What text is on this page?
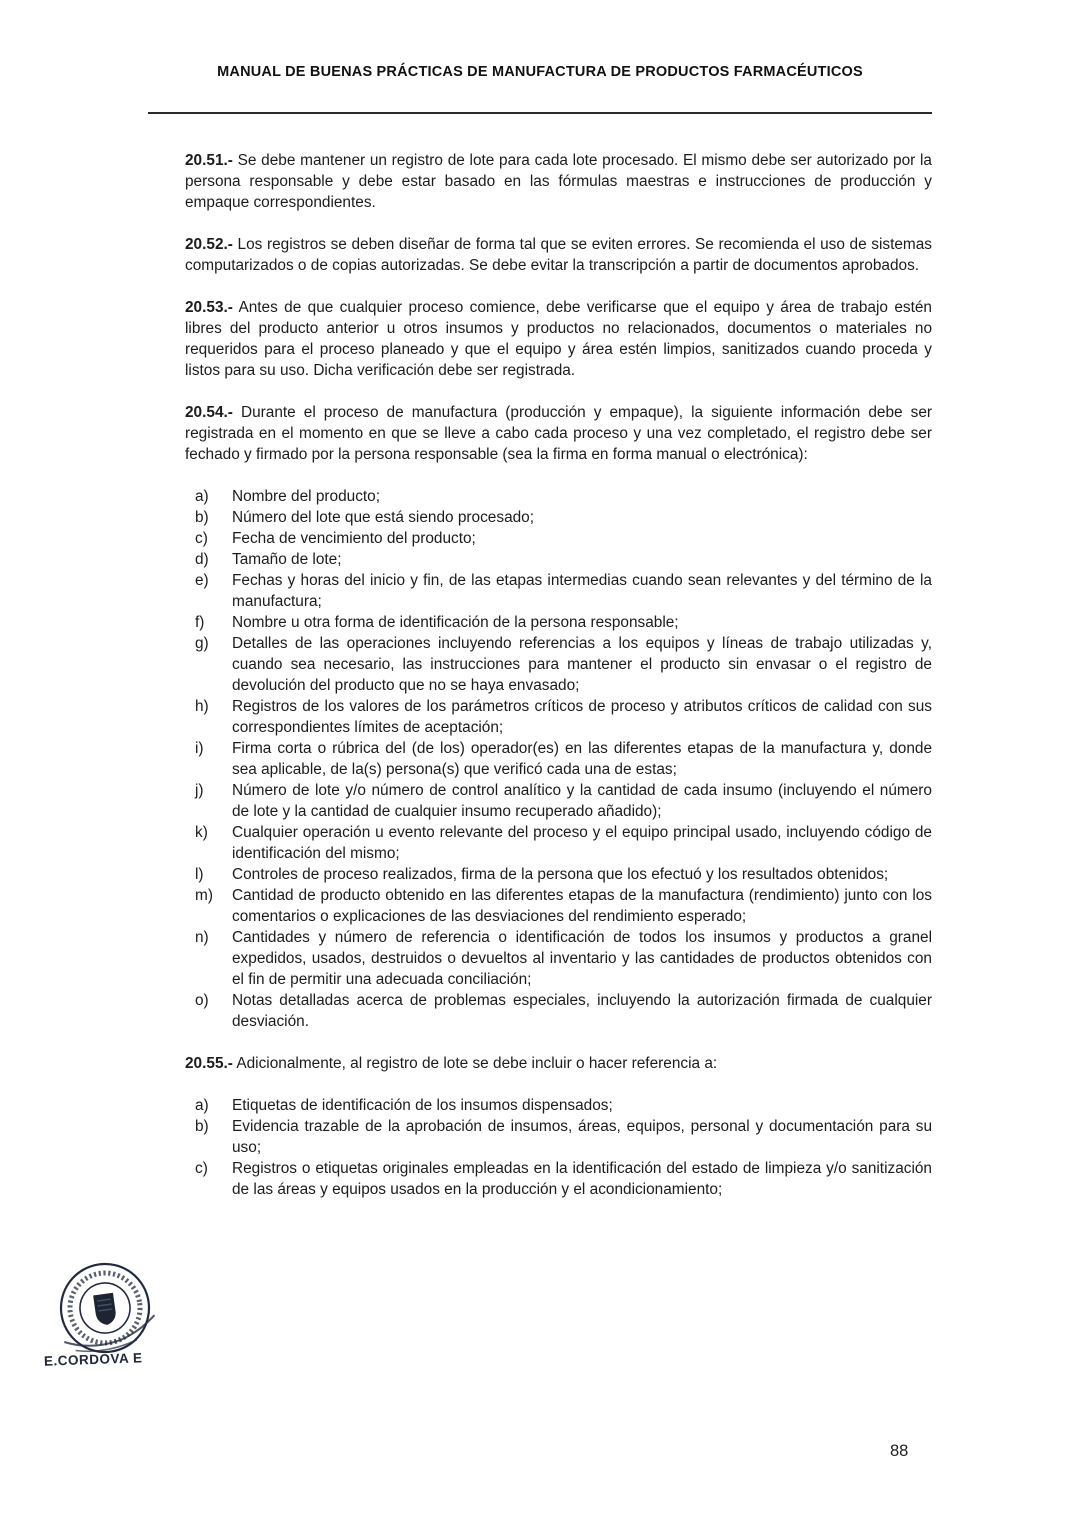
MANUAL DE BUENAS PRÁCTICAS DE MANUFACTURA DE PRODUCTOS FARMACÉUTICOS

20.51.- Se debe mantener un registro de lote para cada lote procesado. El mismo debe ser autorizado por la persona responsable y debe estar basado en las fórmulas maestras e instrucciones de producción y empaque correspondientes.

20.52.- Los registros se deben diseñar de forma tal que se eviten errores. Se recomienda el uso de sistemas computarizados o de copias autorizadas. Se debe evitar la transcripción a partir de documentos aprobados.

20.53.- Antes de que cualquier proceso comience, debe verificarse que el equipo y área de trabajo estén libres del producto anterior u otros insumos y productos no relacionados, documentos o materiales no requeridos para el proceso planeado y que el equipo y área estén limpios, sanitizados cuando proceda y listos para su uso. Dicha verificación debe ser registrada.

20.54.- Durante el proceso de manufactura (producción y empaque), la siguiente información debe ser registrada en el momento en que se lleve a cabo cada proceso y una vez completado, el registro debe ser fechado y firmado por la persona responsable (sea la firma en forma manual o electrónica):

a)	Nombre del producto;
b)	Número del lote que está siendo procesado;
c)	Fecha de vencimiento del producto;
d)	Tamaño de lote;
e)	Fechas y horas del inicio y fin, de las etapas intermedias cuando sean relevantes y del término de la manufactura;
f)	Nombre u otra forma de identificación de la persona responsable;
g)	Detalles de las operaciones incluyendo referencias a los equipos y líneas de trabajo utilizadas y, cuando sea necesario, las instrucciones para mantener el producto sin envasar o el registro de devolución del producto que no se haya envasado;
h)	Registros de los valores de los parámetros críticos de proceso y atributos críticos de calidad con sus correspondientes límites de aceptación;
i)	Firma corta o rúbrica del (de los) operador(es) en las diferentes etapas de la manufactura y, donde sea aplicable, de la(s) persona(s) que verificó cada una de estas;
j)	Número de lote y/o número de control analítico y la cantidad de cada insumo (incluyendo el número de lote y la cantidad de cualquier insumo recuperado añadido);
k)	Cualquier operación u evento relevante del proceso y el equipo principal usado, incluyendo código de identificación del mismo;
l)	Controles de proceso realizados, firma de la persona que los efectuó y los resultados obtenidos;
m)	Cantidad de producto obtenido en las diferentes etapas de la manufactura (rendimiento) junto con los comentarios o explicaciones de las desviaciones del rendimiento esperado;
n)	Cantidades y número de referencia o identificación de todos los insumos y productos a granel expedidos, usados, destruidos o devueltos al inventario y las cantidades de productos obtenidos con el fin de permitir una adecuada conciliación;
o)	Notas detalladas acerca de problemas especiales, incluyendo la autorización firmada de cualquier desviación.

20.55.- Adicionalmente, al registro de lote se debe incluir o hacer referencia a:

a)	Etiquetas de identificación de los insumos dispensados;
b)	Evidencia trazable de la aprobación de insumos, áreas, equipos, personal y documentación para su uso;
c)	Registros o etiquetas originales empleadas en la identificación del estado de limpieza y/o sanitización de las áreas y equipos usados en la producción y el acondicionamiento;
E.CORDOVA E
88
